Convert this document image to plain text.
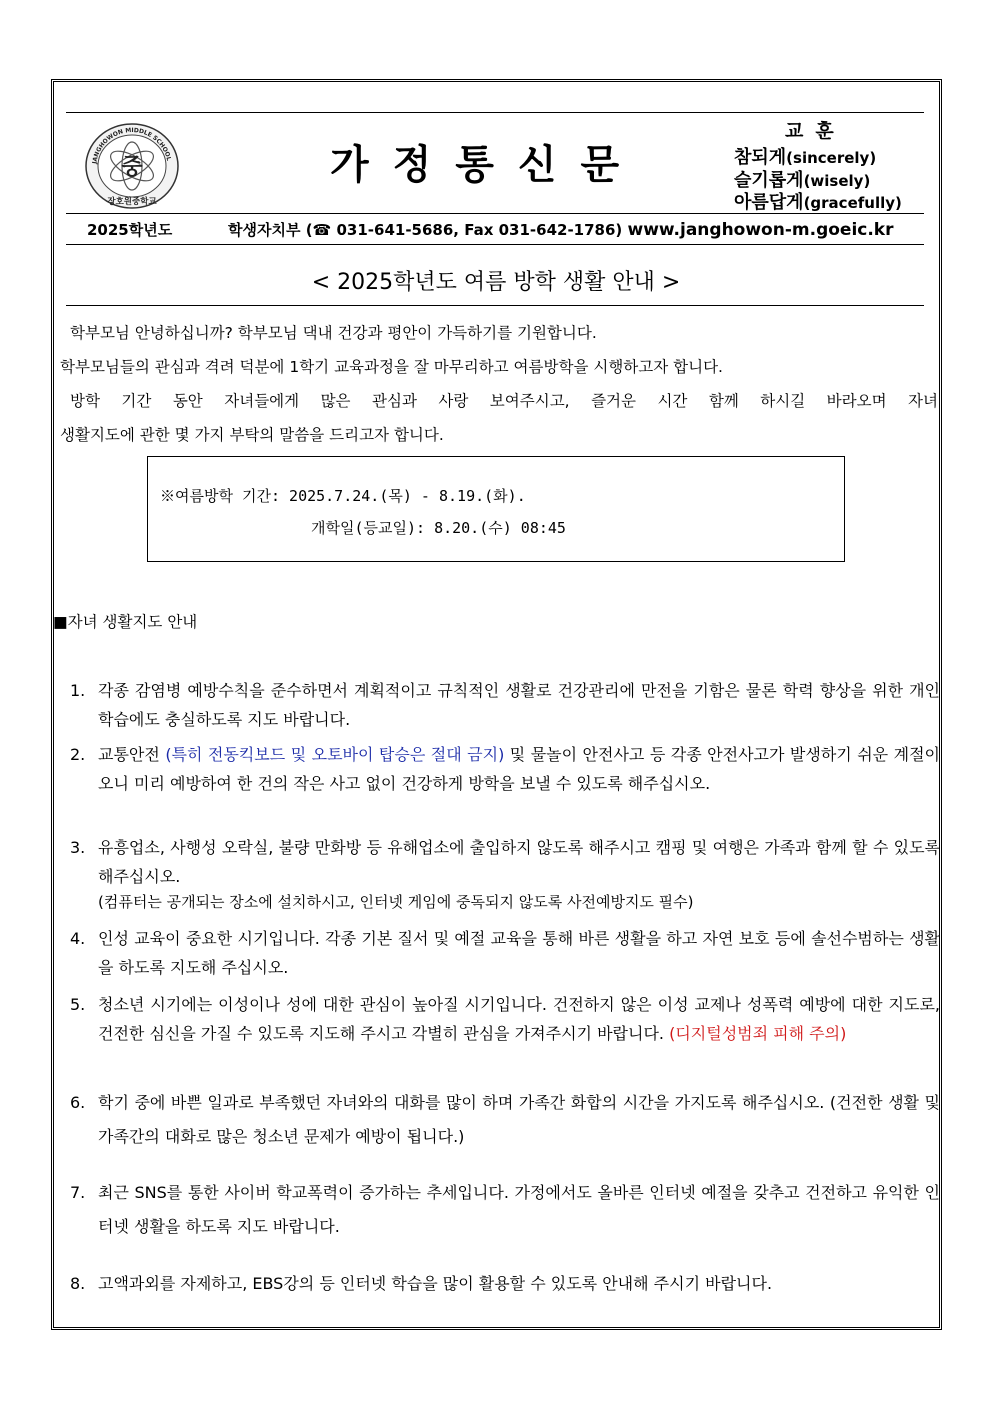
중
JANGHOWON MIDDLE SCHOOL
장호원중학교
가정통신문
교훈
참되게(sincerely)
슬기롭게(wisely)
아름답게(gracefully)
2025학년도	학생자치부 (☎ 031-641-5686, Fax 031-642-1786) www.janghowon-m.goeic.kr
< 2025학년도 여름 방학 생활 안내 >
학부모님 안녕하십니까? 학부모님 댁내 건강과 평안이 가득하기를 기원합니다.
학부모님들의 관심과 격려 덕분에 1학기 교육과정을 잘 마무리하고 여름방학을 시행하고자 합니다.
방학 기간 동안 자녀들에게 많은 관심과 사랑 보여주시고, 즐거운 시간 함께 하시길 바라오며 자녀
생활지도에 관한 몇 가지 부탁의 말씀을 드리고자 합니다.
※여름방학 기간: 2025.7.24.(목) - 8.19.(화).
개학일(등교일): 8.20.(수) 08:45
■자녀 생활지도 안내
1. 각종 감염병 예방수칙을 준수하면서 계획적이고 규칙적인 생활로 건강관리에 만전을 기함은 물론 학력 향상을 위한 개인 학습에도 충실하도록 지도 바랍니다.
2. 교통안전 (특히 전동킥보드 및 오토바이 탑승은 절대 금지) 및 물놀이 안전사고 등 각종 안전사고가 발생하기 쉬운 계절이오니 미리 예방하여 한 건의 작은 사고 없이 건강하게 방학을 보낼 수 있도록 해주십시오.
3. 유흥업소, 사행성 오락실, 불량 만화방 등 유해업소에 출입하지 않도록 해주시고 캠핑 및 여행은 가족과 함께 할 수 있도록 해주십시오.
(컴퓨터는 공개되는 장소에 설치하시고, 인터넷 게임에 중독되지 않도록 사전예방지도 필수)
4. 인성 교육이 중요한 시기입니다. 각종 기본 질서 및 예절 교육을 통해 바른 생활을 하고 자연 보호 등에 솔선수범하는 생활을 하도록 지도해 주십시오.
5. 청소년 시기에는 이성이나 성에 대한 관심이 높아질 시기입니다. 건전하지 않은 이성 교제나 성폭력 예방에 대한 지도로, 건전한 심신을 가질 수 있도록 지도해 주시고 각별히 관심을 가져주시기 바랍니다. (디지털성범죄 피해 주의)
6. 학기 중에 바쁜 일과로 부족했던 자녀와의 대화를 많이 하며 가족간 화합의 시간을 가지도록 해주십시오. (건전한 생활 및 가족간의 대화로 많은 청소년 문제가 예방이 됩니다.)
7. 최근 SNS를 통한 사이버 학교폭력이 증가하는 추세입니다. 가정에서도 올바른 인터넷 예절을 갖추고 건전하고 유익한 인터넷 생활을 하도록 지도 바랍니다.
8. 고액과외를 자제하고, EBS강의 등 인터넷 학습을 많이 활용할 수 있도록 안내해 주시기 바랍니다.
